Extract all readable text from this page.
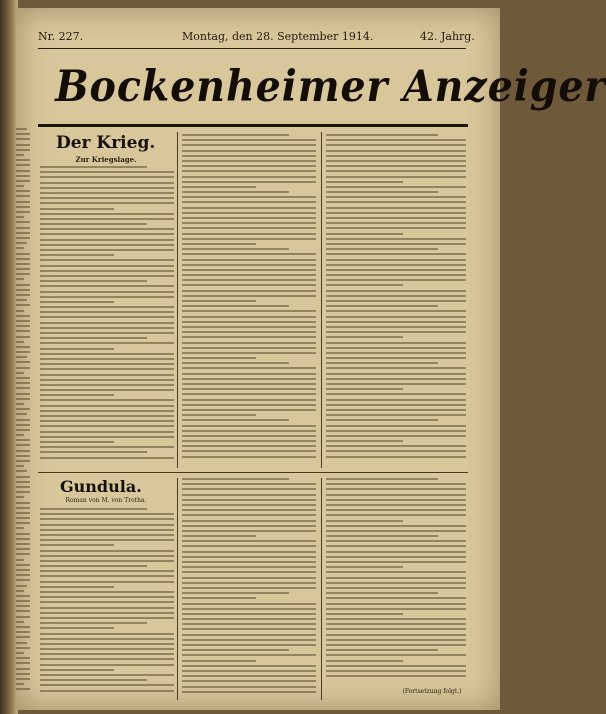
Nr. 227.	Montag, den 28. September 1914.	42. Jahrg.
Bockenheimer Anzeiger
Der Krieg.
Zur Kriegslage.
Gundula.
Roman von M. von Trotha.
(Fortsetzung folgt.)
